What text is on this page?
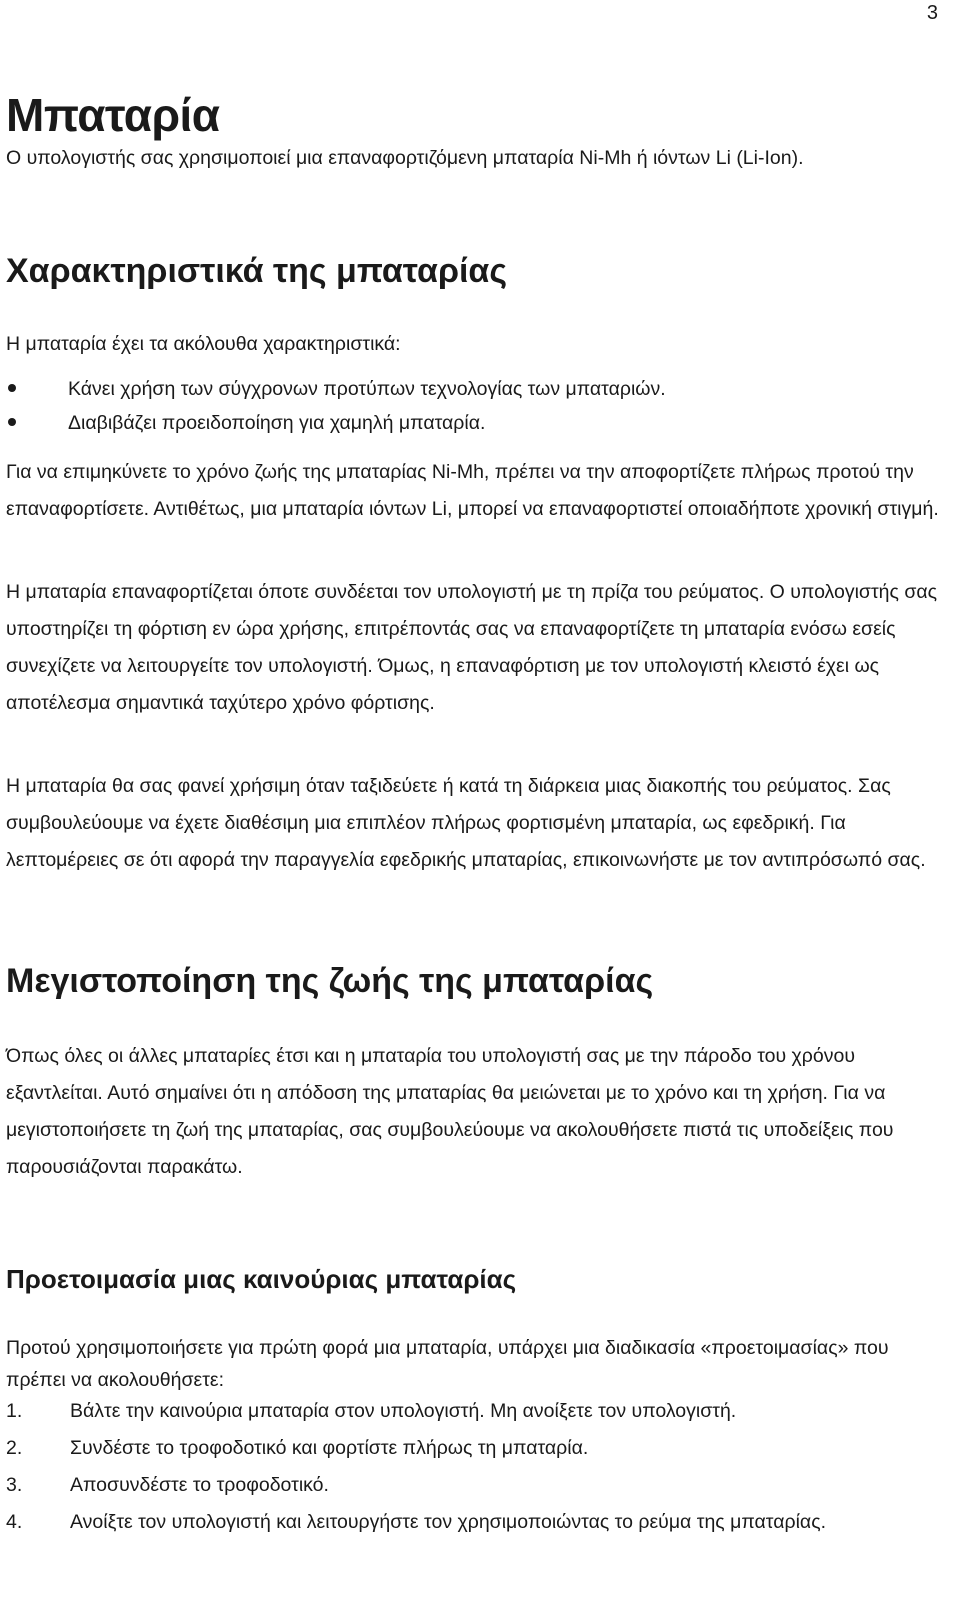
3
Μπαταρία

Ο υπολογιστής σας χρησιμοποιεί μια επαναφορτιζόμενη μπαταρία Ni-Mh ή ιόντων Li (Li-Ion).

Χαρακτηριστικά της μπαταρίας

Η μπαταρία έχει τα ακόλουθα χαρακτηριστικά:

Κάνει χρήση των σύγχρονων προτύπων τεχνολογίας των μπαταριών.
Διαβιβάζει προειδοποίηση για χαμηλή μπαταρία.

Για να επιμηκύνετε το χρόνο ζωής της μπαταρίας Ni-Mh, πρέπει να την αποφορτίζετε πλήρως προτού την επαναφορτίσετε. Αντιθέτως, μια μπαταρία ιόντων Li, μπορεί να επαναφορτιστεί οποιαδήποτε χρονική στιγμή.

Η μπαταρία επαναφορτίζεται όποτε συνδέεται τον υπολογιστή με τη πρίζα του ρεύματος. Ο υπολογιστής σας υποστηρίζει τη φόρτιση εν ώρα χρήσης, επιτρέποντάς σας να επαναφορτίζετε τη μπαταρία ενόσω εσείς συνεχίζετε να λειτουργείτε τον υπολογιστή. Όμως, η επαναφόρτιση με τον υπολογιστή κλειστό έχει ως αποτέλεσμα σημαντικά ταχύτερο χρόνο φόρτισης.

Η μπαταρία θα σας φανεί χρήσιμη όταν ταξιδεύετε ή κατά τη διάρκεια μιας διακοπής του ρεύματος. Σας συμβουλεύουμε να έχετε διαθέσιμη μια επιπλέον πλήρως φορτισμένη μπαταρία, ως εφεδρική. Για λεπτομέρειες σε ότι αφορά την παραγγελία εφεδρικής μπαταρίας, επικοινωνήστε με τον αντιπρόσωπό σας.

Μεγιστοποίηση της ζωής της μπαταρίας

Όπως όλες οι άλλες μπαταρίες έτσι και η μπαταρία του υπολογιστή σας με την πάροδο του χρόνου εξαντλείται. Αυτό σημαίνει ότι η απόδοση της μπαταρίας θα μειώνεται με το χρόνο και τη χρήση. Για να μεγιστοποιήσετε τη ζωή της μπαταρίας, σας συμβουλεύουμε να ακολουθήσετε πιστά τις υποδείξεις που παρουσιάζονται παρακάτω.

Προετοιμασία μιας καινούριας μπαταρίας

Προτού χρησιμοποιήσετε για πρώτη φορά μια μπαταρία, υπάρχει μια διαδικασία «προετοιμασίας» που πρέπει να ακολουθήσετε:

1. Βάλτε την καινούρια μπαταρία στον υπολογιστή. Μη ανοίξετε τον υπολογιστή.
2. Συνδέστε το τροφοδοτικό και φορτίστε πλήρως τη μπαταρία.
3. Αποσυνδέστε το τροφοδοτικό.
4. Ανοίξτε τον υπολογιστή και λειτουργήστε τον χρησιμοποιώντας το ρεύμα της μπαταρίας.
